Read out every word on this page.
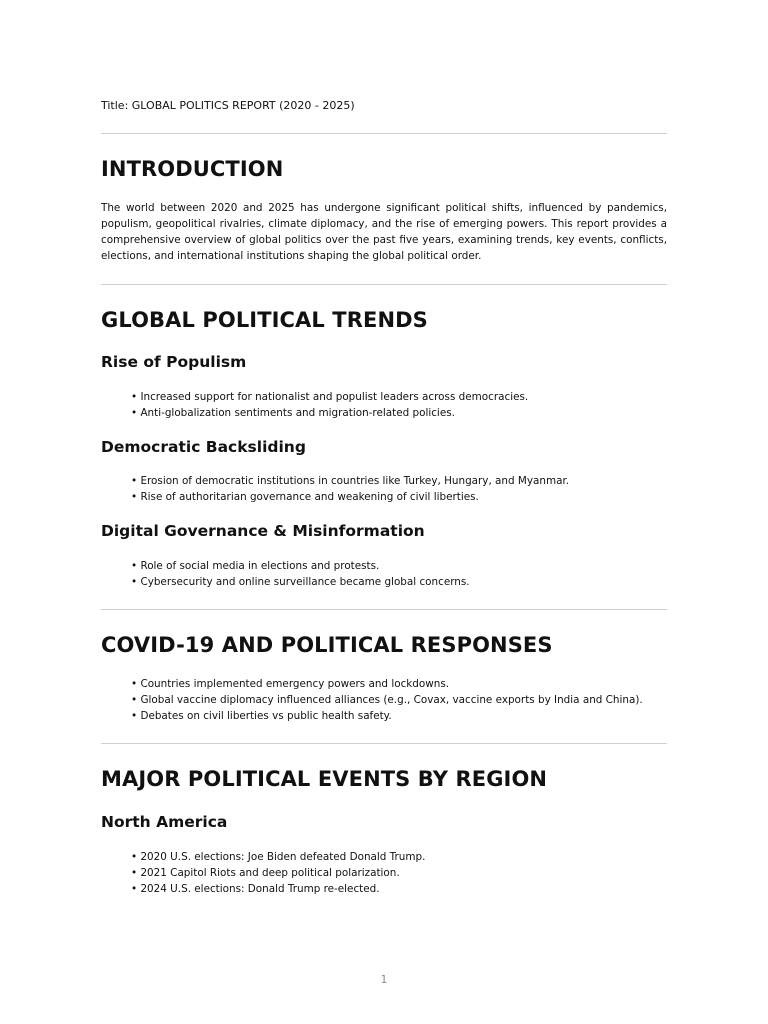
Title: GLOBAL POLITICS REPORT (2020 - 2025)
INTRODUCTION
The world between 2020 and 2025 has undergone significant political shifts, influenced by pandemics, populism, geopolitical rivalries, climate diplomacy, and the rise of emerging powers. This report provides a comprehensive overview of global politics over the past five years, examining trends, key events, conflicts, elections, and international institutions shaping the global political order.
GLOBAL POLITICAL TRENDS
Rise of Populism
• Increased support for nationalist and populist leaders across democracies.
• Anti-globalization sentiments and migration-related policies.
Democratic Backsliding
• Erosion of democratic institutions in countries like Turkey, Hungary, and Myanmar.
• Rise of authoritarian governance and weakening of civil liberties.
Digital Governance & Misinformation
• Role of social media in elections and protests.
• Cybersecurity and online surveillance became global concerns.
COVID-19 AND POLITICAL RESPONSES
• Countries implemented emergency powers and lockdowns.
• Global vaccine diplomacy influenced alliances (e.g., Covax, vaccine exports by India and China).
• Debates on civil liberties vs public health safety.
MAJOR POLITICAL EVENTS BY REGION
North America
• 2020 U.S. elections: Joe Biden defeated Donald Trump.
• 2021 Capitol Riots and deep political polarization.
• 2024 U.S. elections: Donald Trump re-elected.
1
